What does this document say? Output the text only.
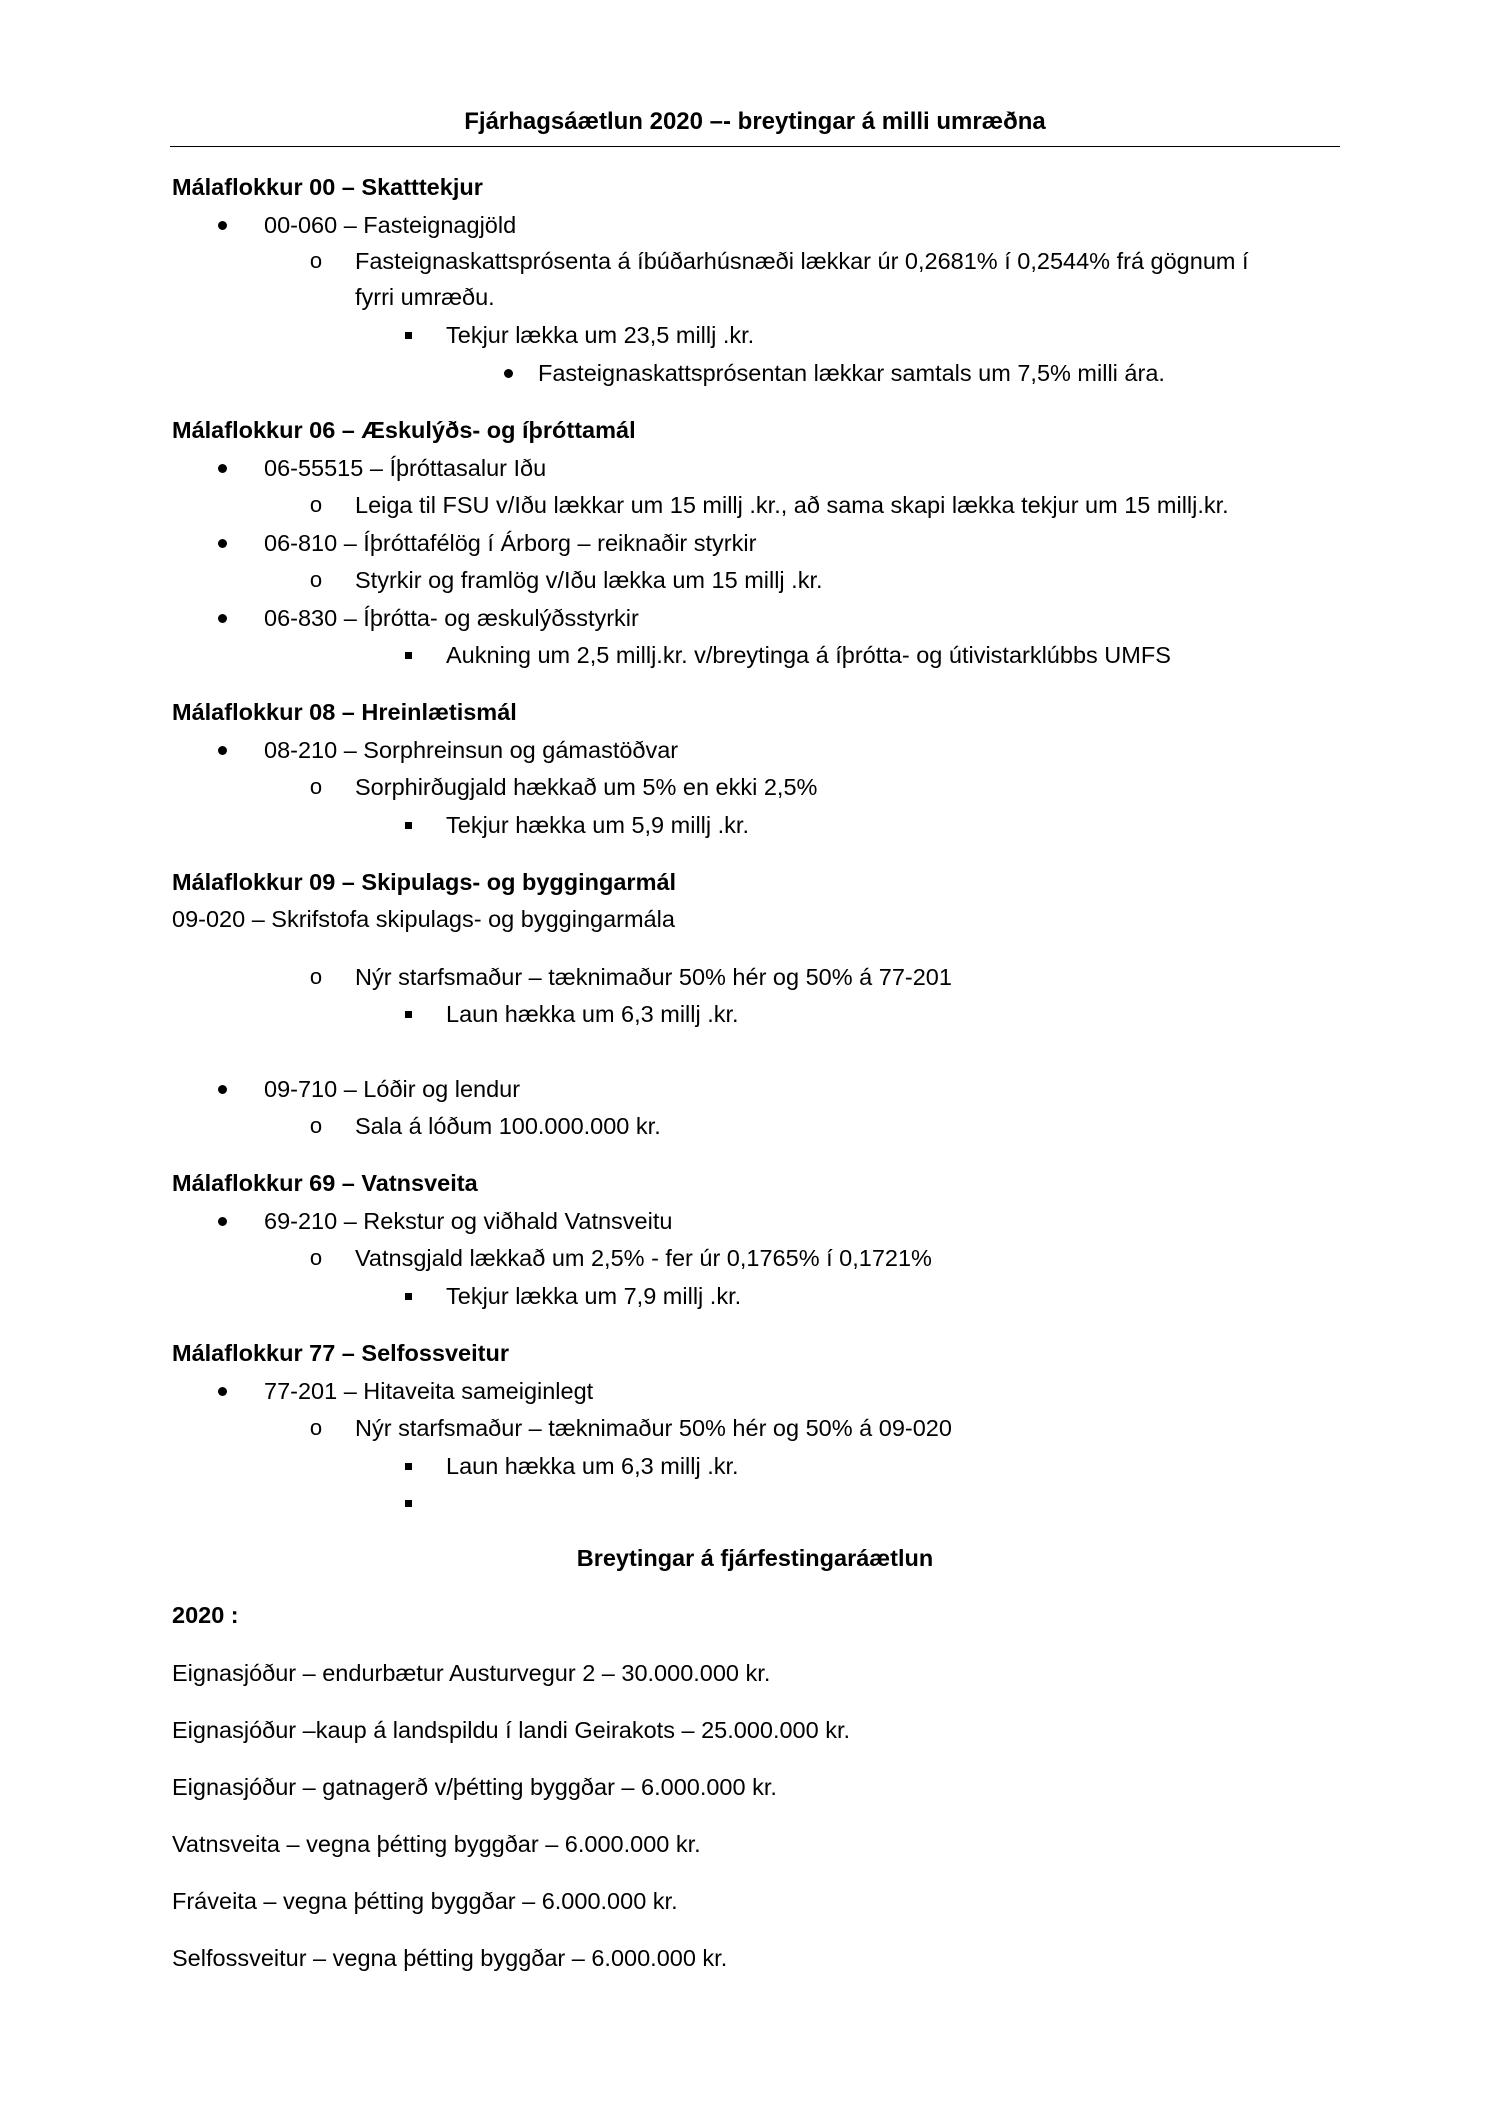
Fjárhagsáætlun 2020 –- breytingar á milli umræðna
Málaflokkur 00 – Skatttekjur
00-060 – Fasteignagjöld
o Fasteignaskattsprósenta á íbúðarhúsnæði lækkar úr 0,2681% í 0,2544% frá gögnum í
fyrri umræðu.
Tekjur lækka um 23,5 millj .kr.
Fasteignaskattsprósentan lækkar samtals um 7,5% milli ára.
Málaflokkur 06 – Æskulýðs- og íþróttamál
06-55515 – Íþróttasalur Iðu
o Leiga til FSU v/Iðu lækkar um 15 millj .kr., að sama skapi lækka tekjur um 15 millj.kr.
06-810 – Íþróttafélög í Árborg – reiknaðir styrkir
o Styrkir og framlög v/Iðu lækka um 15 millj .kr.
06-830 – Íþrótta- og æskulýðsstyrkir
Aukning um 2,5 millj.kr. v/breytinga á íþrótta- og útivistarklúbbs UMFS
Málaflokkur 08 – Hreinlætismál
08-210 – Sorphreinsun og gámastöðvar
o Sorphirðugjald hækkað um 5% en ekki 2,5%
Tekjur hækka um 5,9 millj .kr.
Málaflokkur 09 – Skipulags- og byggingarmál
09-020 – Skrifstofa skipulags- og byggingarmála
o Nýr starfsmaður – tæknimaður 50% hér og 50% á 77-201
Laun hækka um 6,3 millj .kr.
09-710 – Lóðir og lendur
o Sala á lóðum 100.000.000 kr.
Málaflokkur 69 – Vatnsveita
69-210 – Rekstur og viðhald Vatnsveitu
o Vatnsgjald lækkað um 2,5% - fer úr 0,1765% í 0,1721%
Tekjur lækka um 7,9 millj .kr.
Málaflokkur 77 – Selfossveitur
77-201 – Hitaveita sameiginlegt
o Nýr starfsmaður – tæknimaður 50% hér og 50% á 09-020
Laun hækka um 6,3 millj .kr.
Breytingar á fjárfestingaráætlun
2020 :
Eignasjóður – endurbætur Austurvegur 2 – 30.000.000 kr.
Eignasjóður –kaup á landspildu í landi Geirakots – 25.000.000 kr.
Eignasjóður – gatnagerð v/þétting byggðar – 6.000.000 kr.
Vatnsveita – vegna þétting byggðar – 6.000.000 kr.
Fráveita – vegna þétting byggðar – 6.000.000 kr.
Selfossveitur – vegna þétting byggðar – 6.000.000 kr.
